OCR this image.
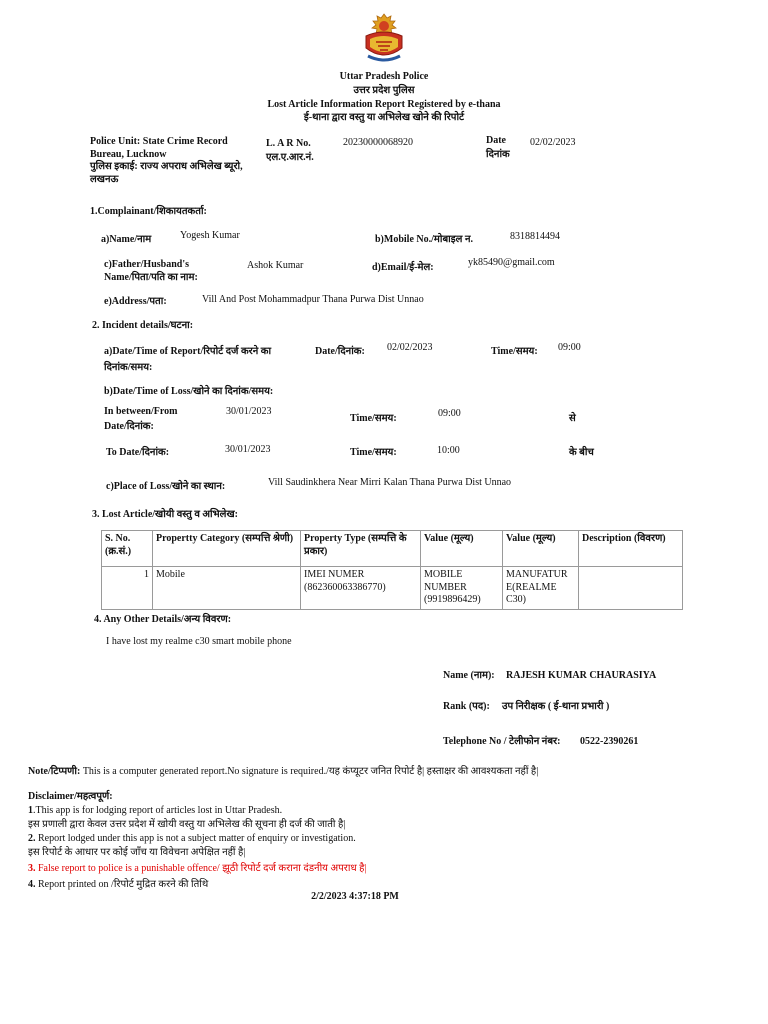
Uttar Pradesh Police
उत्तर प्रदेश पुलिस
Lost Article Information Report Registered by e-thana
ई-थाना द्वारा वस्तु या अभिलेख खोने की रिपोर्ट
Police Unit: State Crime Record Bureau, Lucknow
पुलिस इकाई: राज्य अपराध अभिलेख ब्यूरो, लखनऊ
L. A R No.
एल.ए.आर.नं.
20230000068920	Date
दिनांक
02/02/2023
1.Complainant/शिकायतकर्ता:
a)Name/नाम	Yogesh Kumar	b)Mobile No./मोबाइल न.	8318814494
c)Father/Husband's
Name/पिता/पति का नाम:
Ashok Kumar	d)Email/ई-मेल:	yk85490@gmail.com
e)Address/पता:	Vill And Post Mohammadpur Thana Purwa Dist Unnao
2. Incident details/घटना:
a)Date/Time of Report/रिपोर्ट दर्ज करने का
दिनांक/समय:
Date/दिनांक: 02/02/2023	Time/समय: 09:00
b)Date/Time of Loss/खोने का दिनांक/समय:
In between/From
Date/दिनांक:
30/01/2023
Time/समय:	09:00	से
To Date/दिनांक:	30/01/2023	Time/समय:	10:00	के बीच
c)Place of Loss/खोने का स्थान:	Vill Saudinkhera Near Mirri Kalan Thana Purwa Dist Unnao
3. Lost Article/खोयी वस्तु व अभिलेख:
S. No. (क्र.सं.)	Propertty Category (सम्पत्ति श्रेणी)	Property Type (सम्पत्ति के प्रकार)	Value (मूल्य)	Value (मूल्य)	Description (विवरण)
1	Mobile	IMEI NUMER (862360063386770)	MOBILE NUMBER (9919896429)	MANUFATUR E(REALME C30)	
4. Any Other Details/अन्य विवरण:
I have lost my realme c30 smart mobile phone
Name (नाम): RAJESH KUMAR CHAURASIYA
Rank (पद): उप निरीक्षक ( ई-थाना प्रभारी )
Telephone No / टेलीफोन नंबर: 0522-2390261
Note/टिप्पणी: This is a computer generated report.No signature is required./यह कंप्यूटर जनित रिपोर्ट है| हस्ताक्षर की आवश्यकता नहीं है|
Disclaimer/महत्वपूर्ण:
1.This app is for lodging report of articles lost in Uttar Pradesh.
इस प्रणाली द्वारा केवल उत्तर प्रदेश में खोयी वस्तु या अभिलेख की सूचना ही दर्ज की जाती है|
2. Report lodged under this app is not a subject matter of enquiry or investigation.
इस रिपोर्ट के आधार पर कोई जाँच या विवेचना अपेक्षित नहीं है|
3. False report to police is a punishable offence/ झूठी रिपोर्ट दर्ज कराना दंडनीय अपराध है|
4. Report printed on /रिपोर्ट मुद्रित करने की तिथि
2/2/2023 4:37:18 PM
